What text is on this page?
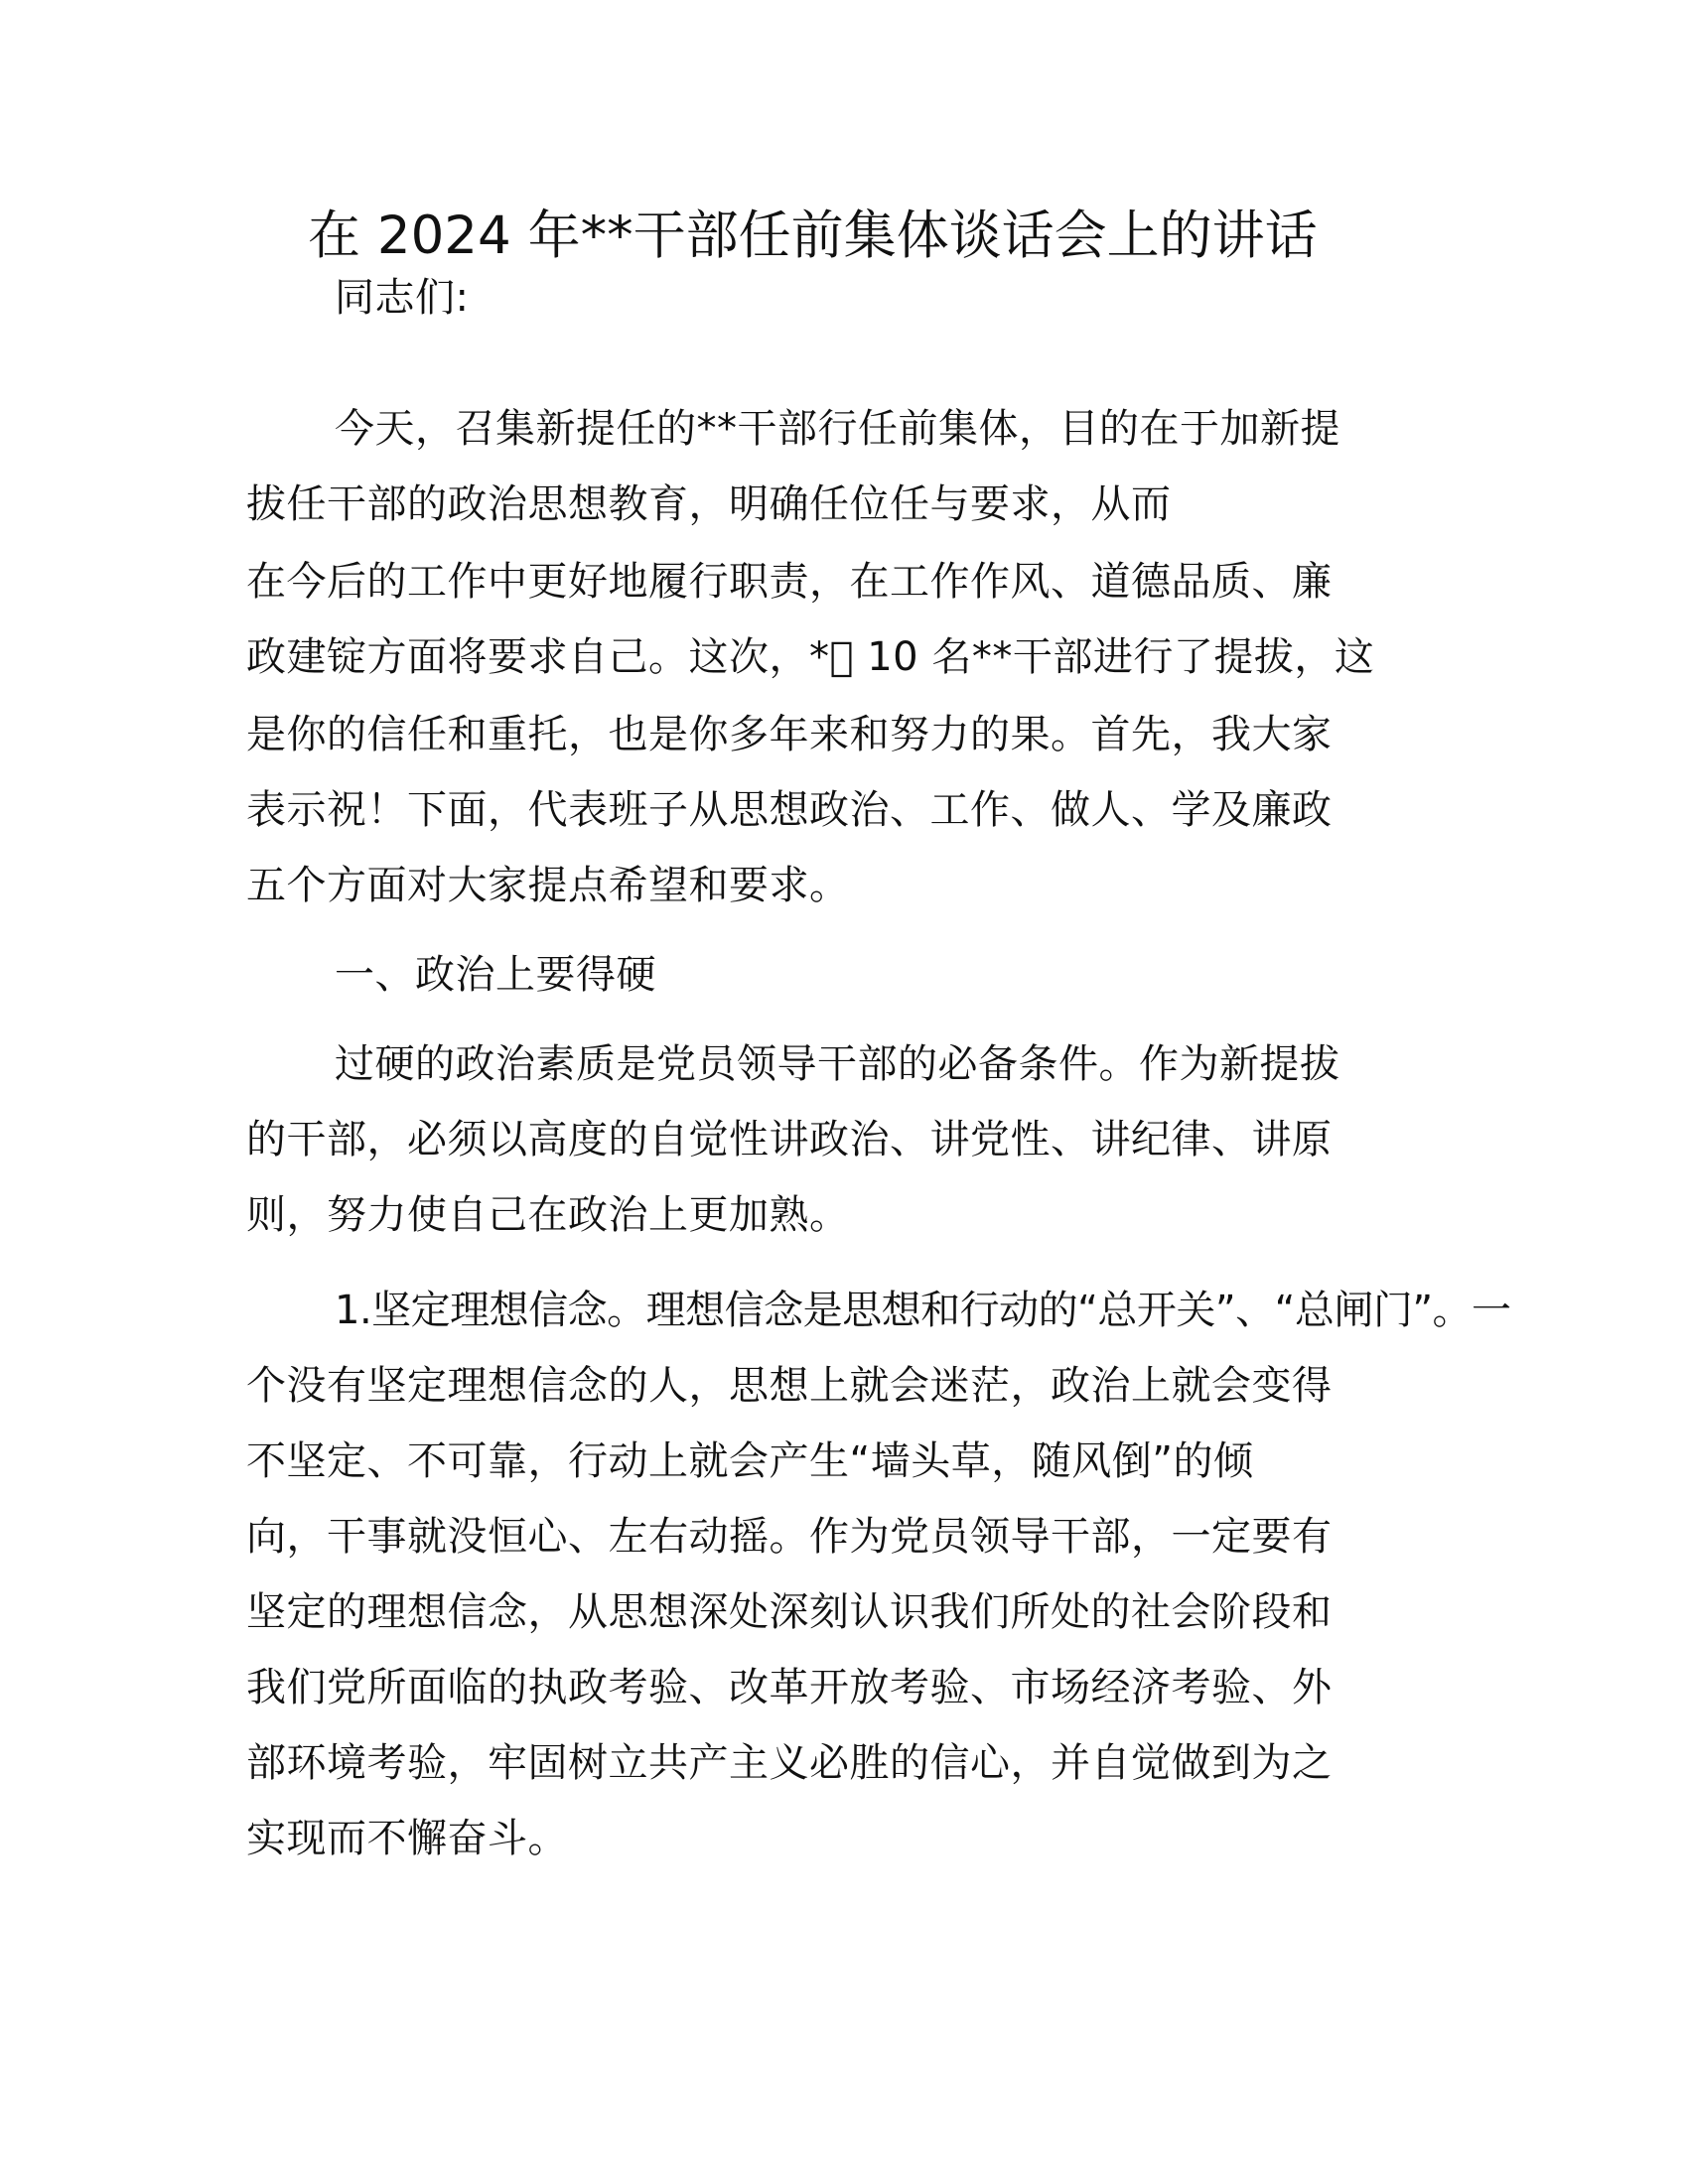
在 2024 年**干部任前集体谈话会上的讲话
同志们:
今天，召集新提任的**干部行任前集体，目的在于加新提
拔任干部的政治思想教育，明确任位任与要求，从而
在今后的工作中更好地履行职责，在工作作风、道德品质、廉
政建锭方面将要求自己。这次，*𱍉 10 名**干部进行了提拔，这
是你的信任和重托，也是你多年来和努力的果。首先，我大家
表示祝！下面，代表班子从思想政治、工作、做人、学及廉政
五个方面对大家提点希望和要求。
一、政治上要得硬
过硬的政治素质是党员领导干部的必备条件。作为新提拔
的干部，必须以高度的自觉性讲政治、讲党性、讲纪律、讲原
则，努力使自己在政治上更加熟。
1.坚定理想信念。理想信念是思想和行动的“总开关”、“总闸门”。一
个没有坚定理想信念的人，思想上就会迷茫，政治上就会变得
不坚定、不可靠，行动上就会产生“墙头草，随风倒”的倾
向，干事就没恒心、左右动摇。作为党员领导干部，一定要有
坚定的理想信念，从思想深处深刻认识我们所处的社会阶段和
我们党所面临的执政考验、改革开放考验、市场经济考验、外
部环境考验，牢固树立共产主义必胜的信心，并自觉做到为之
实现而不懈奋斗。
